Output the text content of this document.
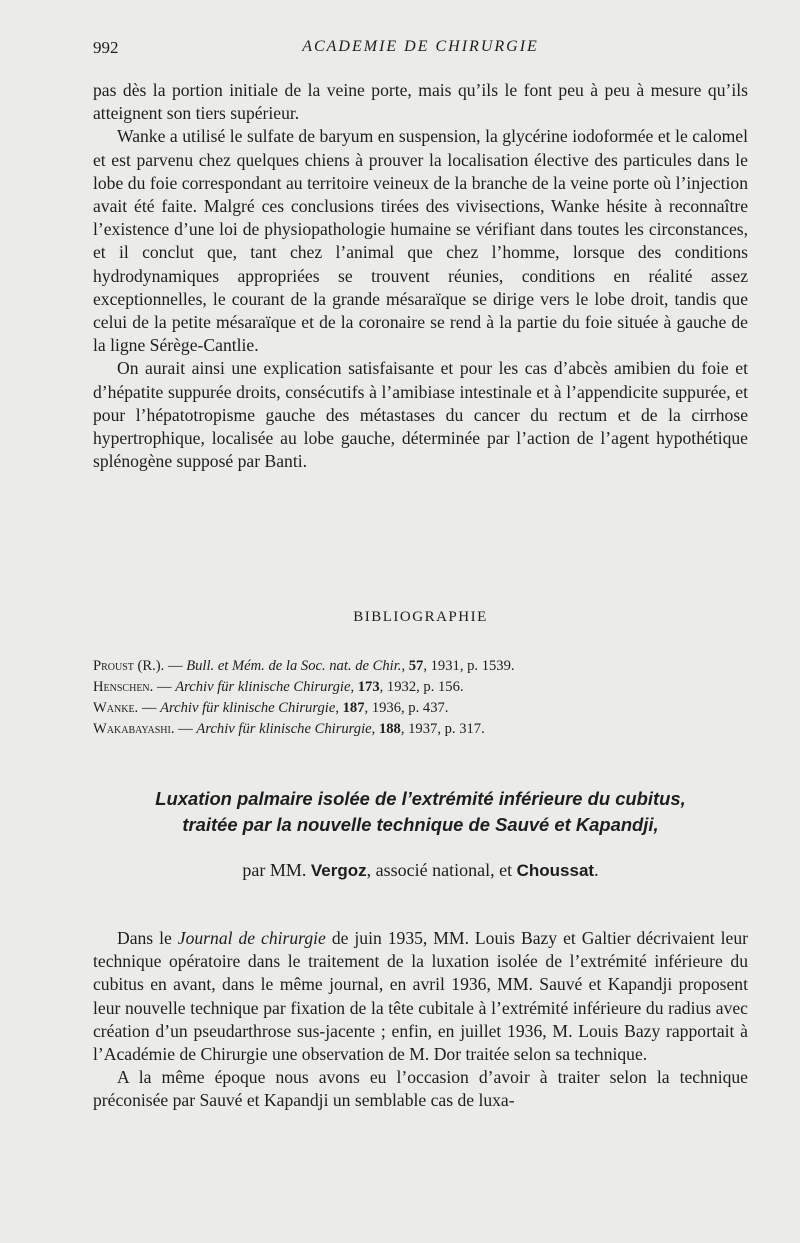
992	ACADEMIE DE CHIRURGIE

pas dès la portion initiale de la veine porte, mais qu’ils le font peu à peu à mesure qu’ils atteignent son tiers supérieur.

Wanke a utilisé le sulfate de baryum en suspension, la glycérine iodoformée et le calomel et est parvenu chez quelques chiens à prouver la localisation élective des particules dans le lobe du foie correspondant au territoire veineux de la branche de la veine porte où l’injection avait été faite. Malgré ces conclusions tirées des vivisections, Wanke hésite à reconnaître l’existence d’une loi de physiopathologie humaine se vérifiant dans toutes les circonstances, et il conclut que, tant chez l’animal que chez l’homme, lorsque des conditions hydrodynamiques appropriées se trouvent réunies, conditions en réalité assez exceptionnelles, le courant de la grande mésaraïque se dirige vers le lobe droit, tandis que celui de la petite mésaraïque et de la coronaire se rend à la partie du foie située à gauche de la ligne Sérège-Cantlie.

On aurait ainsi une explication satisfaisante et pour les cas d’abcès amibien du foie et d’hépatite suppurée droits, consécutifs à l’amibiase intestinale et à l’appendicite suppurée, et pour l’hépatotropisme gauche des métastases du cancer du rectum et de la cirrhose hypertrophique, localisée au lobe gauche, déterminée par l’action de l’agent hypothétique splénogène supposé par Banti.

BIBLIOGRAPHIE
Proust (R.). — Bull. et Mém. de la Soc. nat. de Chir., 57, 1931, p. 1539.
Henschen. — Archiv für klinische Chirurgie, 173, 1932, p. 156.
Wanke. — Archiv für klinische Chirurgie, 187, 1936, p. 437.
Wakabayashi. — Archiv für klinische Chirurgie, 188, 1937, p. 317.
Luxation palmaire isolée de l’extrémité inférieure du cubitus,
traitée par la nouvelle technique de Sauvé et Kapandji,
par MM. Vergoz, associé national, et Choussat.

Dans le Journal de chirurgie de juin 1935, MM. Louis Bazy et Galtier décrivaient leur technique opératoire dans le traitement de la luxation isolée de l’extrémité inférieure du cubitus en avant, dans le même journal, en avril 1936, MM. Sauvé et Kapandji proposent leur nouvelle technique par fixation de la tête cubitale à l’extrémité inférieure du radius avec création d’un pseudarthrose sus-jacente ; enfin, en juillet 1936, M. Louis Bazy rapportait à l’Académie de Chirurgie une observation de M. Dor traitée selon sa technique.

A la même époque nous avons eu l’occasion d’avoir à traiter selon la technique préconisée par Sauvé et Kapandji un semblable cas de luxa-
